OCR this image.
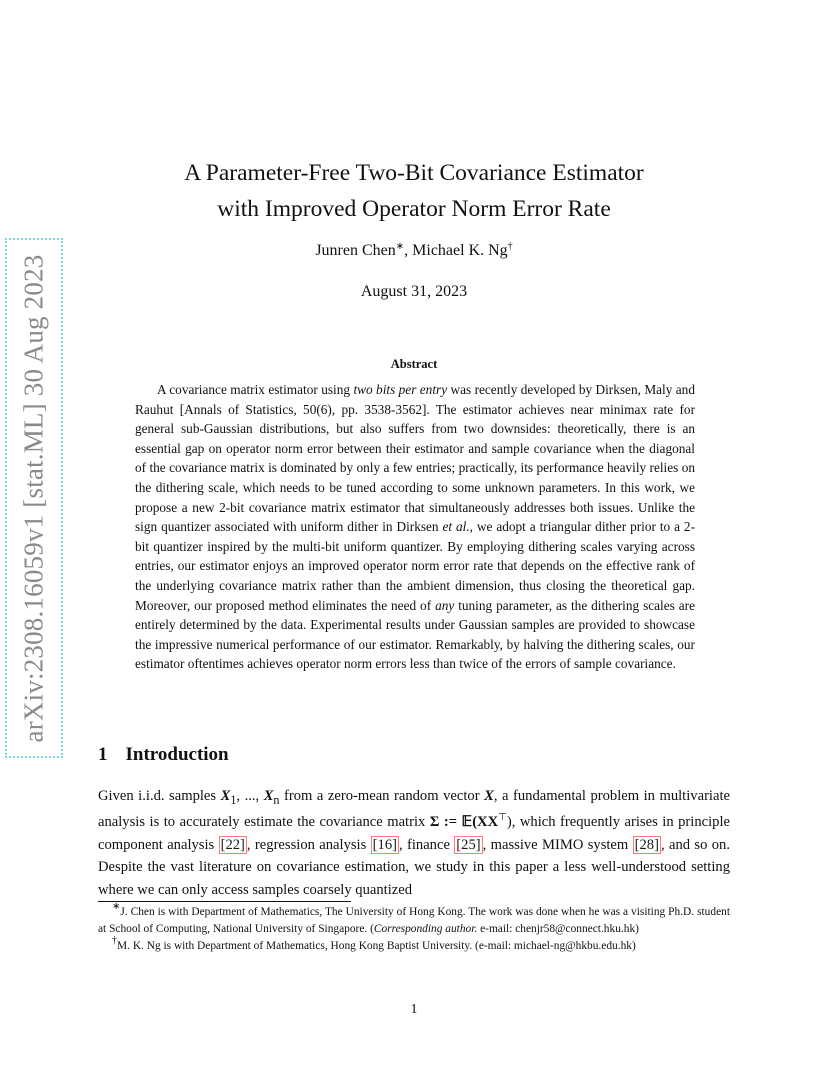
arXiv:2308.16059v1 [stat.ML] 30 Aug 2023
A Parameter-Free Two-Bit Covariance Estimator
with Improved Operator Norm Error Rate
Junren Chen∗, Michael K. Ng†
August 31, 2023
Abstract
A covariance matrix estimator using two bits per entry was recently developed by Dirksen, Maly and Rauhut [Annals of Statistics, 50(6), pp. 3538-3562]. The estimator achieves near minimax rate for general sub-Gaussian distributions, but also suffers from two downsides: theoretically, there is an essential gap on operator norm error between their estimator and sample covariance when the diagonal of the covariance matrix is dominated by only a few entries; practically, its performance heavily relies on the dithering scale, which needs to be tuned according to some unknown parameters. In this work, we propose a new 2-bit covariance matrix estimator that simultaneously addresses both issues. Unlike the sign quantizer associated with uniform dither in Dirksen et al., we adopt a triangular dither prior to a 2-bit quantizer inspired by the multi-bit uniform quantizer. By employing dithering scales varying across entries, our estimator enjoys an improved operator norm error rate that depends on the effective rank of the underlying covariance matrix rather than the ambient dimension, thus closing the theoretical gap. Moreover, our proposed method eliminates the need of any tuning parameter, as the dithering scales are entirely determined by the data. Experimental results under Gaussian samples are provided to showcase the impressive numerical performance of our estimator. Remarkably, by halving the dithering scales, our estimator oftentimes achieves operator norm errors less than twice of the errors of sample covariance.
1 Introduction
Given i.i.d. samples $X_1$, ..., $X_n$ from a zero-mean random vector X, a fundamental problem in multivariate analysis is to accurately estimate the covariance matrix Σ := 𝔼(XX⊤), which frequently arises in principle component analysis [22] , regression analysis [16] , finance [25] , massive MIMO system [28] , and so on. Despite the vast literature on covariance estimation, we study in this paper a less well-understood setting where we can only access samples coarsely quantized

∗J. Chen is with Department of Mathematics, The University of Hong Kong. The work was done when he was a visiting Ph.D. student at School of Computing, National University of Singapore. (Corresponding author. e-mail: chenjr58@connect.hku.hk)

†M. K. Ng is with Department of Mathematics, Hong Kong Baptist University. (e-mail: michael-ng@hkbu.edu.hk)

1
